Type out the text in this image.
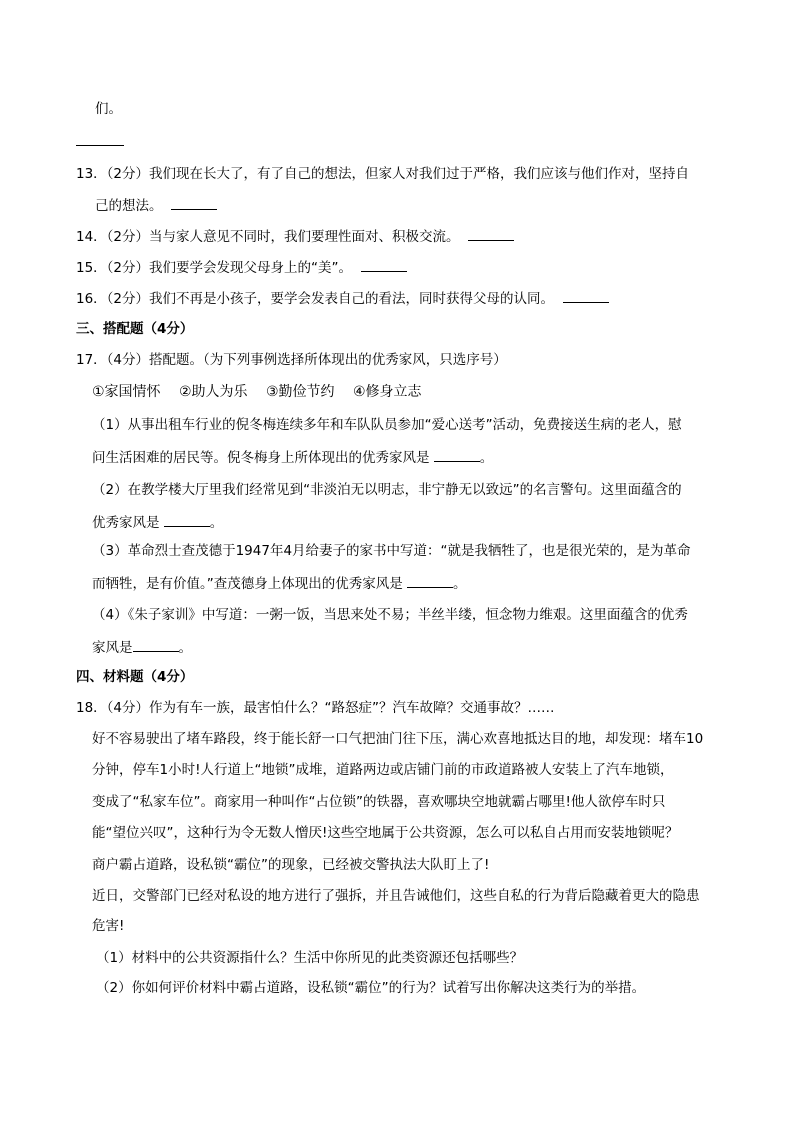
们。
13．（2分）我们现在长大了，有了自己的想法，但家人对我们过于严格，我们应该与他们作对，坚持自
己的想法。
14．（2分）当与家人意见不同时，我们要理性面对、积极交流。
15．（2分）我们要学会发现父母身上的“美”。
16．（2分）我们不再是小孩子，要学会发表自己的看法，同时获得父母的认同。
三、搭配题（4分）
17．（4分）搭配题。（为下列事例选择所体现出的优秀家风，只选序号）
①家国情怀　 ②助人为乐　 ③勤俭节约　 ④修身立志
（1）从事出租车行业的倪冬梅连续多年和车队队员参加“爱心送考”活动，免费接送生病的老人，慰
问生活困难的居民等。倪冬梅身上所体现出的优秀家风是	。
（2）在教学楼大厅里我们经常见到“非淡泊无以明志，非宁静无以致远”的名言警句。这里面蕴含的
优秀家风是	。
（3）革命烈士查茂德于1947年4月给妻子的家书中写道：“就是我牺牲了，也是很光荣的，是为革命
而牺牲，是有价值。”查茂德身上体现出的优秀家风是	。
（4）《朱子家训》中写道：一粥一饭，当思来处不易；半丝半缕，恒念物力维艰。这里面蕴含的优秀
家风是	。
四、材料题（4分）
18．（4分）作为有车一族，最害怕什么？“路怒症”？汽车故障？交通事故？……
好不容易驶出了堵车路段，终于能长舒一口气把油门往下压，满心欢喜地抵达目的地，却发现：堵车10
分钟，停车1小时!人行道上“地锁”成堆，道路两边或店铺门前的市政道路被人安装上了汽车地锁，
变成了“私家车位”。商家用一种叫作“占位锁”的铁器，喜欢哪块空地就霸占哪里!他人欲停车时只
能“望位兴叹”，这种行为令无数人憎厌!这些空地属于公共资源，怎么可以私自占用而安装地锁呢？
商户霸占道路，设私锁“霸位”的现象，已经被交警执法大队盯上了!
近日，交警部门已经对私设的地方进行了强拆，并且告诫他们，这些自私的行为背后隐藏着更大的隐患
危害!
（1）材料中的公共资源指什么？生活中你所见的此类资源还包括哪些？
（2）你如何评价材料中霸占道路，设私锁“霸位”的行为？试着写出你解决这类行为的举措。
